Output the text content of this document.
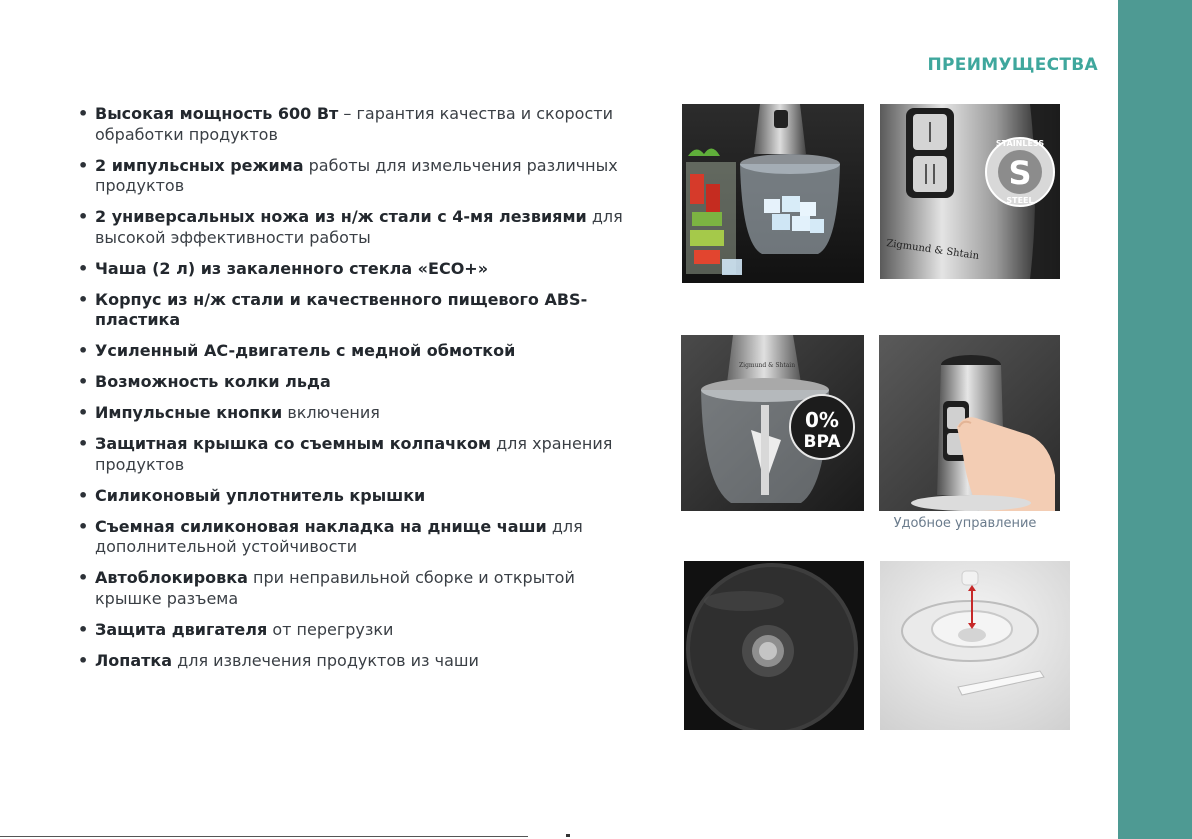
ПРЕИМУЩЕСТВА
• Высокая мощность 600 Вт – гарантия качества и скорости обработки продуктов
• 2 импульсных режима работы для измельчения различных продуктов
• 2 универсальных ножа из н/ж стали с 4-мя лезвиями для высокой эффективности работы
• Чаша (2 л) из закаленного стекла «ECO+»
• Корпус из н/ж стали и качественного пищевого ABS-пластика
• Усиленный AC-двигатель с медной обмоткой
• Возможность колки льда
• Импульсные кнопки включения
• Защитная крышка со съемным колпачком для хранения продуктов
• Силиконовый уплотнитель крышки
• Съемная силиконовая накладка на днище чаши для дополнительной устойчивости
• Автоблокировка при неправильной сборке и открытой крышке разъема
• Защита двигателя от перегрузки
• Лопатка для извлечения продуктов из чаши
Zigmund & Shtain
S
STAINLESS
STEEL
Zigmund & Shtain
0%
BPA
Удобное управление
